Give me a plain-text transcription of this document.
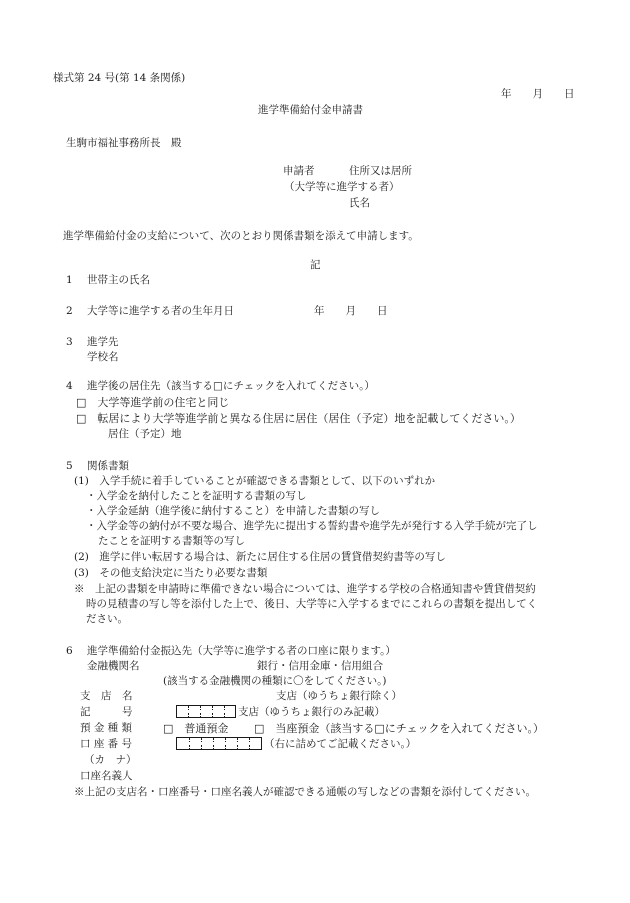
様式第 24 号(第 14 条関係)
年　　月　　日
進学準備給付金申請書
生駒市福祉事務所長　殿
申請者	住所又は居所
（大学等に進学する者）
氏名
進学準備給付金の支給について、次のとおり関係書類を添えて申請します。
記
1 世帯主の氏名
2 大学等に進学する者の生年月日	年　　月　　日
3 進学先
学校名
4 進学後の居住先（該当する□にチェックを入れてください。）
□　大学等進学前の住宅と同じ
□　転居により大学等進学前と異なる住居に居住（居住（予定）地を記載してください。）
居住（予定）地
5 関係書類
(1)　入学手続に着手していることが確認できる書類として、以下のいずれか
・入学金を納付したことを証明する書類の写し
・入学金延納（進学後に納付すること）を申請した書類の写し
・入学金等の納付が不要な場合、進学先に提出する誓約書や進学先が発行する入学手続が完了し
たことを証明する書類等の写し
(2)　進学に伴い転居する場合は、新たに居住する住居の賃貸借契約書等の写し
(3)　その他支給決定に当たり必要な書類
※　上記の書類を申請時に準備できない場合については、進学する学校の合格通知書や賃貸借契約
時の見積書の写し等を添付した上で、後日、大学等に入学するまでにこれらの書類を提出してく
ださい。
6 進学準備給付金振込先（大学等に進学する者の口座に限ります。）
金融機関名	銀行・信用金庫・信用組合
(該当する金融機関の種類に〇をしてください。)
支　店　名	支店（ゆうちょ銀行除く）
記　　　号	支店（ゆうちょ銀行のみ記載）
預 金 種 類	□　普通預金 □　当座預金（該当する□にチェックを入れてください。）
口 座 番 号	（右に詰めてご記載ください。）
（カ　ナ）
口座名義人
※上記の支店名・口座番号・口座名義人が確認できる通帳の写しなどの書類を添付してください。
